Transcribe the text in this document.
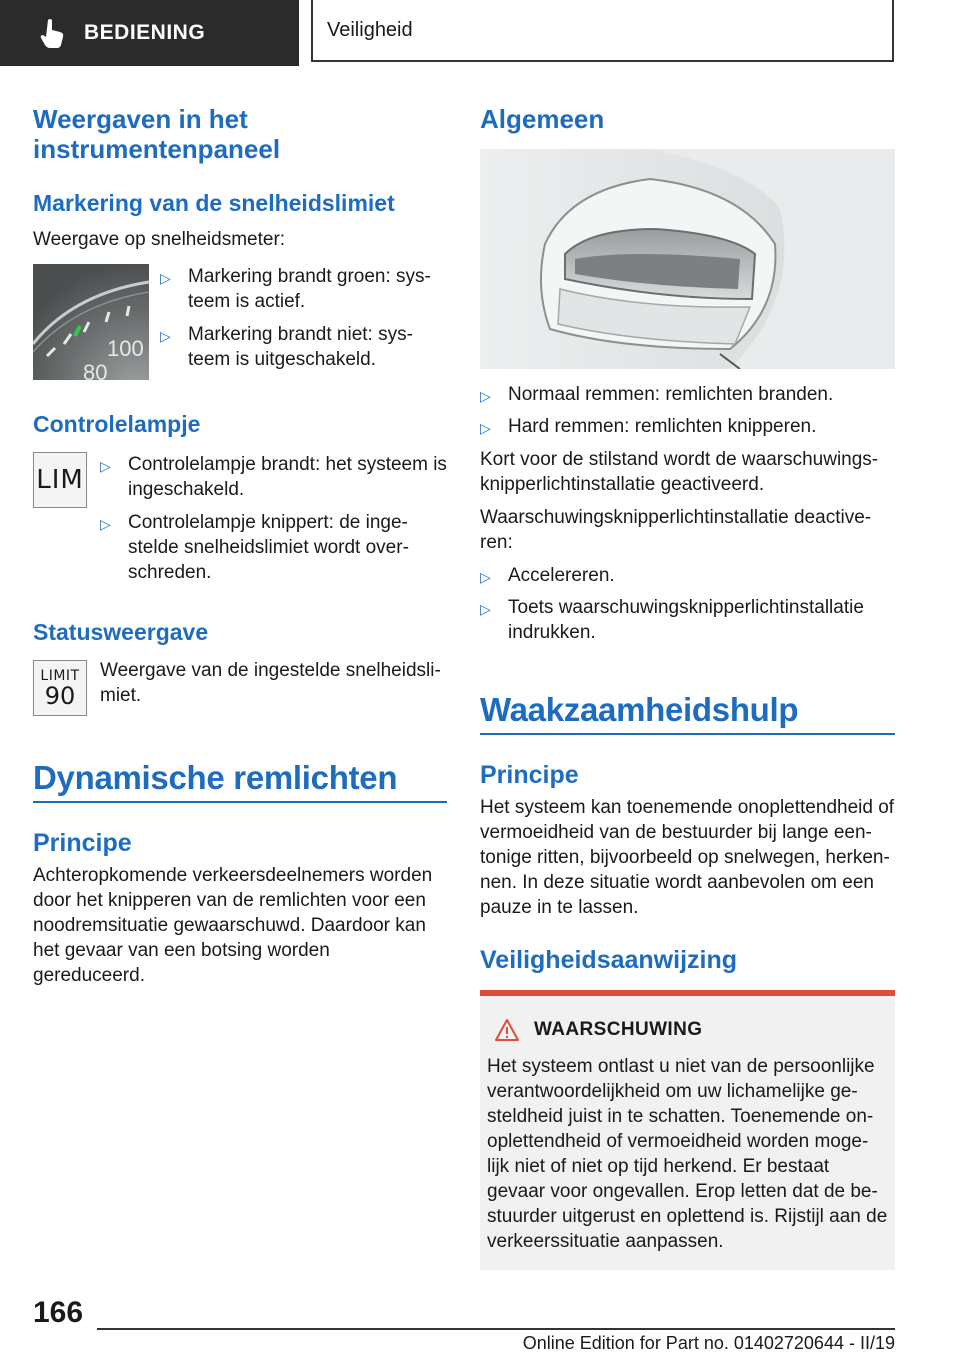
BEDIENING	Veiligheid
Weergaven in het instrumentenpaneel
Markering van de snelheidslimiet

Weergave op snelheidsmeter:

100
80
▷ Markering brandt groen: sys-teem is actief.
▷ Markering brandt niet: sys-teem is uitgeschakeld.
Controlelampje
LIM ▷ Controlelampje brandt: het systeem is ingeschakeld.
▷ Controlelampje knippert: de inge-stelde snelheidslimiet wordt over-schreden.
Statusweergave
LIMIT
90

Weergave van de ingestelde snelheidsli-miet.

Dynamische remlichten
Principe

Achteropkomende verkeersdeelnemers worden door het knipperen van de remlichten voor een noodremsituatie gewaarschuwd. Daardoor kan het gevaar van een botsing worden gereduceerd.

Algemeen
▷ Normaal remmen: remlichten branden.
▷ Hard remmen: remlichten knipperen.

Kort voor de stilstand wordt de waarschuwings-knipperlichtinstallatie geactiveerd.

Waarschuwingsknipperlichtinstallatie deactive-ren:

▷ Accelereren.
▷ Toets waarschuwingsknipperlichtinstallatie indrukken.
Waakzaamheidshulp
Principe

Het systeem kan toenemende onoplettendheid of vermoeidheid van de bestuurder bij lange een-tonige ritten, bijvoorbeeld op snelwegen, herken-nen. In deze situatie wordt aanbevolen om een pauze in te lassen.

Veiligheidsaanwijzing
WAARSCHUWING

Het systeem ontlast u niet van de persoonlijke verantwoordelijkheid om uw lichamelijke ge-steldheid juist in te schatten. Toenemende on-oplettendheid of vermoeidheid worden moge-lijk niet of niet op tijd herkend. Er bestaat gevaar voor ongevallen. Erop letten dat de be-stuurder uitgerust en oplettend is. Rijstijl aan de verkeerssituatie aanpassen.

166
Online Edition for Part no. 01402720644 - II/19
